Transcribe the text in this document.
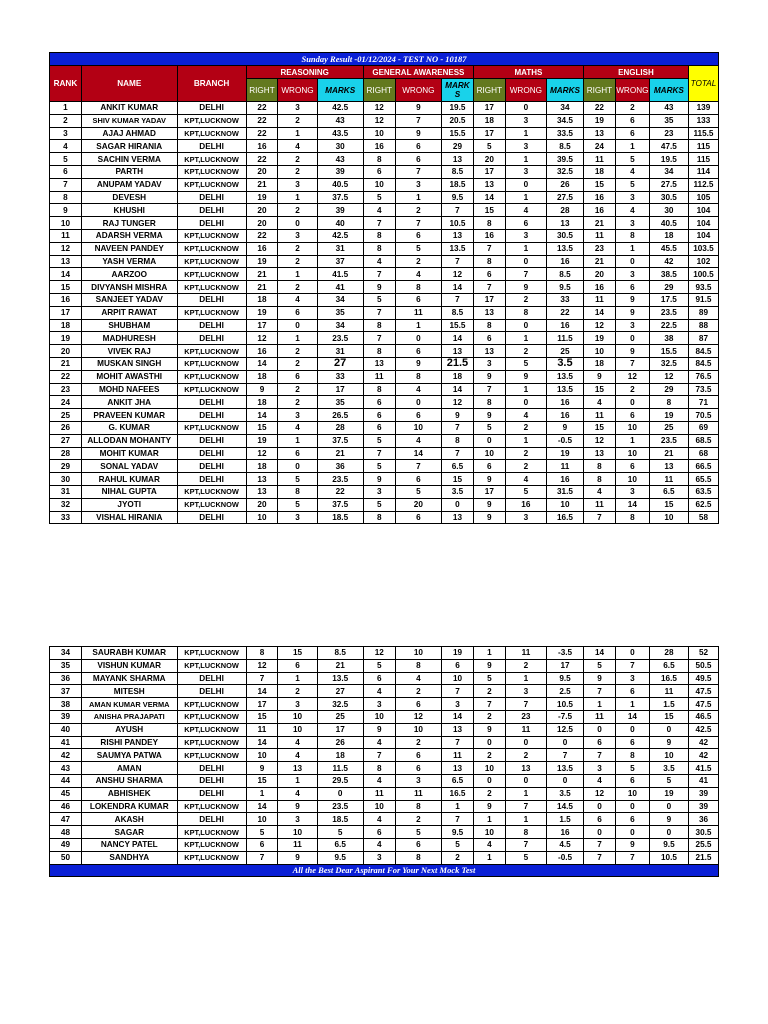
Sunday Result -01/12/2024 - TEST NO - 10187															
RANK	NAME	BRANCH	REASONING			GENERAL AWARENESS			MATHS			ENGLISH			TOTAL
			RIGHT	WRONG	MARKS	RIGHT	WRONG	MARK S	RIGHT	WRONG	MARKS	RIGHT	WRONG	MARKS	
1	ANKIT KUMAR	DELHI	22	3	42.5	12	9	19.5	17	0	34	22	2	43	139
2	SHIV KUMAR YADAV	KPT,LUCKNOW	22	2	43	12	7	20.5	18	3	34.5	19	6	35	133
3	AJAJ AHMAD	KPT,LUCKNOW	22	1	43.5	10	9	15.5	17	1	33.5	13	6	23	115.5
4	SAGAR HIRANIA	DELHI	16	4	30	16	6	29	5	3	8.5	24	1	47.5	115
5	SACHIN VERMA	KPT,LUCKNOW	22	2	43	8	6	13	20	1	39.5	11	5	19.5	115
6	PARTH	KPT,LUCKNOW	20	2	39	6	7	8.5	17	3	32.5	18	4	34	114
7	ANUPAM YADAV	KPT,LUCKNOW	21	3	40.5	10	3	18.5	13	0	26	15	5	27.5	112.5
8	DEVESH	DELHI	19	1	37.5	5	1	9.5	14	1	27.5	16	3	30.5	105
9	KHUSHI	DELHI	20	2	39	4	2	7	15	4	28	16	4	30	104
10	RAJ TUNGER	DELHI	20	0	40	7	7	10.5	8	6	13	21	3	40.5	104
11	ADARSH VERMA	KPT,LUCKNOW	22	3	42.5	8	6	13	16	3	30.5	11	8	18	104
12	NAVEEN PANDEY	KPT,LUCKNOW	16	2	31	8	5	13.5	7	1	13.5	23	1	45.5	103.5
13	YASH VERMA	KPT,LUCKNOW	19	2	37	4	2	7	8	0	16	21	0	42	102
14	AARZOO	KPT,LUCKNOW	21	1	41.5	7	4	12	6	7	8.5	20	3	38.5	100.5
15	DIVYANSH MISHRA	KPT,LUCKNOW	21	2	41	9	8	14	7	9	9.5	16	6	29	93.5
16	SANJEET YADAV	DELHI	18	4	34	5	6	7	17	2	33	11	9	17.5	91.5
17	ARPIT RAWAT	KPT,LUCKNOW	19	6	35	7	11	8.5	13	8	22	14	9	23.5	89
18	SHUBHAM	DELHI	17	0	34	8	1	15.5	8	0	16	12	3	22.5	88
19	MADHURESH	DELHI	12	1	23.5	7	0	14	6	1	11.5	19	0	38	87
20	VIVEK RAJ	KPT,LUCKNOW	16	2	31	8	6	13	13	2	25	10	9	15.5	84.5
21	MUSKAN SINGH	KPT,LUCKNOW	14	2	27	13	9	21.5	3	5	3.5	18	7	32.5	84.5
22	MOHIT AWASTHI	KPT,LUCKNOW	18	6	33	11	8	18	9	9	13.5	9	12	12	76.5
23	MOHD NAFEES	KPT,LUCKNOW	9	2	17	8	4	14	7	1	13.5	15	2	29	73.5
24	ANKIT JHA	DELHI	18	2	35	6	0	12	8	0	16	4	0	8	71
25	PRAVEEN KUMAR	DELHI	14	3	26.5	6	6	9	9	4	16	11	6	19	70.5
26	G. KUMAR	KPT,LUCKNOW	15	4	28	6	10	7	5	2	9	15	10	25	69
27	ALLODAN MOHANTY	DELHI	19	1	37.5	5	4	8	0	1	-0.5	12	1	23.5	68.5
28	MOHIT KUMAR	DELHI	12	6	21	7	14	7	10	2	19	13	10	21	68
29	SONAL YADAV	DELHI	18	0	36	5	7	6.5	6	2	11	8	6	13	66.5
30	RAHUL KUMAR	DELHI	13	5	23.5	9	6	15	9	4	16	8	10	11	65.5
31	NIHAL GUPTA	KPT,LUCKNOW	13	8	22	3	5	3.5	17	5	31.5	4	3	6.5	63.5
32	JYOTI	KPT,LUCKNOW	20	5	37.5	5	20	0	9	16	10	11	14	15	62.5
33	VISHAL HIRANIA	DELHI	10	3	18.5	8	6	13	9	3	16.5	7	8	10	58
34	SAURABH KUMAR	KPT,LUCKNOW	8	15	8.5	12	10	19	1	11	-3.5	14	0	28	52
35	VISHUN KUMAR	KPT,LUCKNOW	12	6	21	5	8	6	9	2	17	5	7	6.5	50.5
36	MAYANK SHARMA	DELHI	7	1	13.5	6	4	10	5	1	9.5	9	3	16.5	49.5
37	MITESH	DELHI	14	2	27	4	2	7	2	3	2.5	7	6	11	47.5
38	AMAN KUMAR VERMA	KPT,LUCKNOW	17	3	32.5	3	6	3	7	7	10.5	1	1	1.5	47.5
39	ANISHA PRAJAPATI	KPT,LUCKNOW	15	10	25	10	12	14	2	23	-7.5	11	14	15	46.5
40	AYUSH	KPT,LUCKNOW	11	10	17	9	10	13	9	11	12.5	0	0	0	42.5
41	RISHI PANDEY	KPT,LUCKNOW	14	4	26	4	2	7	0	0	0	6	6	9	42
42	SAUMYA PATWA	KPT,LUCKNOW	10	4	18	7	6	11	2	2	7	7	8	10	42
43	AMAN	DELHI	9	13	11.5	8	6	13	10	13	13.5	3	5	3.5	41.5
44	ANSHU SHARMA	DELHI	15	1	29.5	4	3	6.5	0	0	0	4	6	5	41
45	ABHISHEK	DELHI	1	4	0	11	11	16.5	2	1	3.5	12	10	19	39
46	LOKENDRA KUMAR	KPT,LUCKNOW	14	9	23.5	10	8	1	9	7	14.5	0	0	0	39
47	AKASH	DELHI	10	3	18.5	4	2	7	1	1	1.5	6	6	9	36
48	SAGAR	KPT,LUCKNOW	5	10	5	6	5	9.5	10	8	16	0	0	0	30.5
49	NANCY PATEL	KPT,LUCKNOW	6	11	6.5	4	6	5	4	7	4.5	7	9	9.5	25.5
50	SANDHYA	KPT,LUCKNOW	7	9	9.5	3	8	2	1	5	-0.5	7	7	10.5	21.5
All the Best Dear Aspirant For Your Next Mock Test															
